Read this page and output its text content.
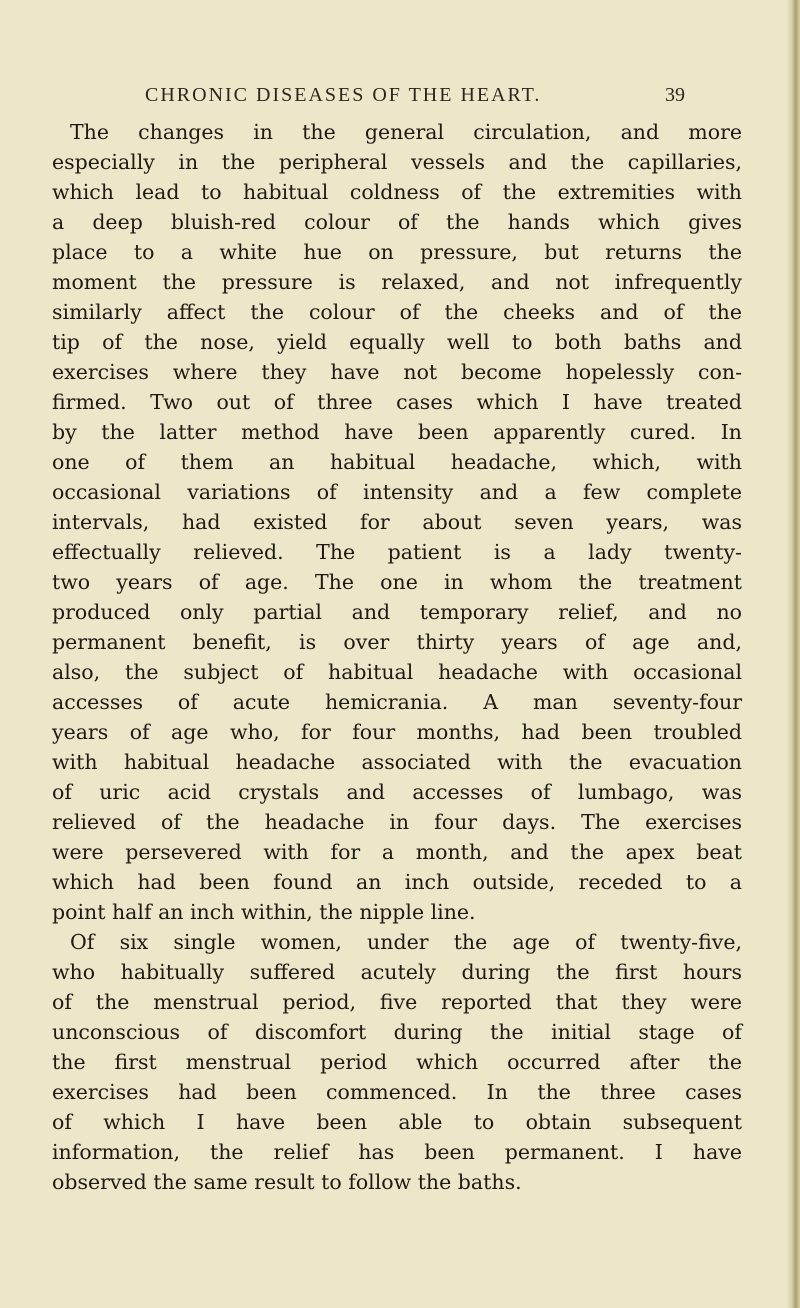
CHRONIC DISEASES OF THE HEART.	39
The changes in the general circulation, and more
especially in the peripheral vessels and the capillaries,
which lead to habitual coldness of the extremities with
a deep bluish-red colour of the hands which gives
place to a white hue on pressure, but returns the
moment the pressure is relaxed, and not infrequently
similarly affect the colour of the cheeks and of the
tip of the nose, yield equally well to both baths and
exercises where they have not become hopelessly con-
firmed. Two out of three cases which I have treated
by the latter method have been apparently cured. In
one of them an habitual headache, which, with
occasional variations of intensity and a few complete
intervals, had existed for about seven years, was
effectually relieved. The patient is a lady twenty-
two years of age. The one in whom the treatment
produced only partial and temporary relief, and no
permanent benefit, is over thirty years of age and,
also, the subject of habitual headache with occasional
accesses of acute hemicrania. A man seventy-four
years of age who, for four months, had been troubled
with habitual headache associated with the evacuation
of uric acid crystals and accesses of lumbago, was
relieved of the headache in four days. The exercises
were persevered with for a month, and the apex beat
which had been found an inch outside, receded to a
point half an inch within, the nipple line.
Of six single women, under the age of twenty-five,
who habitually suffered acutely during the first hours
of the menstrual period, five reported that they were
unconscious of discomfort during the initial stage of
the first menstrual period which occurred after the
exercises had been commenced. In the three cases
of which I have been able to obtain subsequent
information, the relief has been permanent. I have
observed the same result to follow the baths.
